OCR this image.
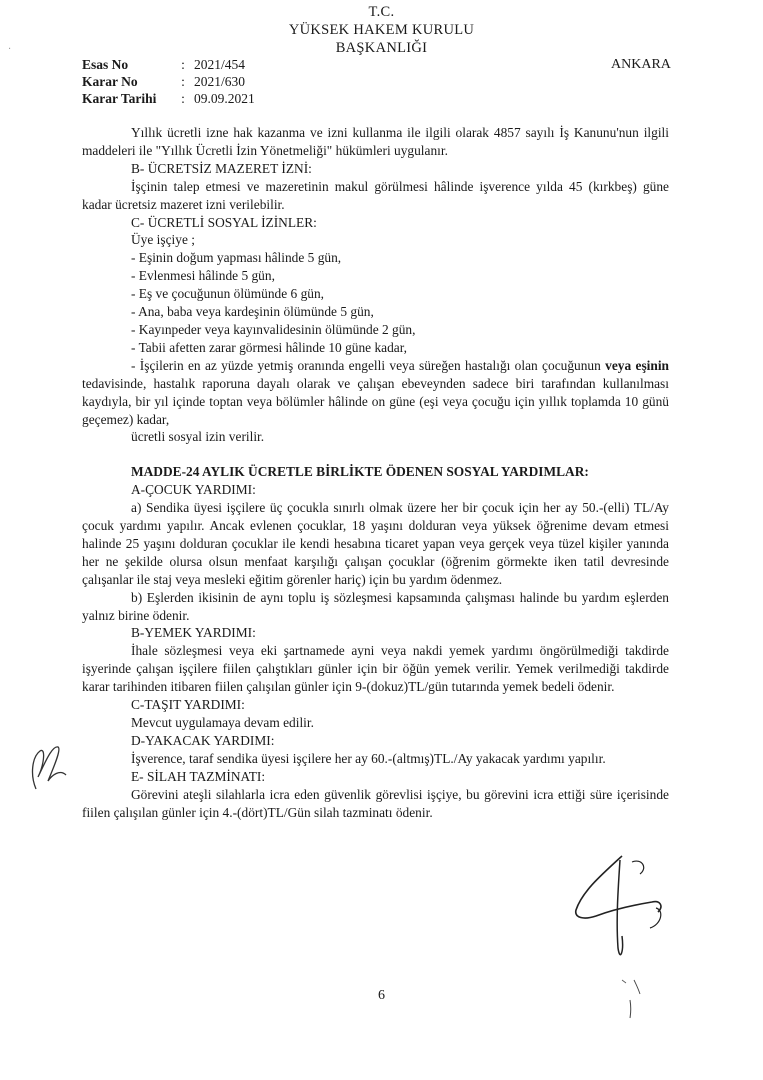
T.C.
YÜKSEK HAKEM KURULU
BAŞKANLIĞI
Esas No	: 2021/454
Karar No	: 2021/630
Karar Tarihi	: 09.09.2021
ANKARA

Yıllık ücretli izne hak kazanma ve izni kullanma ile ilgili olarak 4857 sayılı İş Kanunu'nun ilgili maddeleri ile "Yıllık Ücretli İzin Yönetmeliği" hükümleri uygulanır.

B- ÜCRETSİZ MAZERET İZNİ:

İşçinin talep etmesi ve mazeretinin makul görülmesi hâlinde işverence yılda 45 (kırkbeş) güne kadar ücretsiz mazeret izni verilebilir.

C- ÜCRETLİ SOSYAL İZİNLER:

Üye işçiye ;

- Eşinin doğum yapması hâlinde 5 gün,

- Evlenmesi hâlinde 5 gün,

- Eş ve çocuğunun ölümünde 6 gün,

- Ana, baba veya kardeşinin ölümünde 5 gün,

- Kayınpeder veya kayınvalidesinin ölümünde 2 gün,

- Tabii afetten zarar görmesi hâlinde 10 güne kadar,

- İşçilerin en az yüzde yetmiş oranında engelli veya süreğen hastalığı olan çocuğunun veya eşinin tedavisinde, hastalık raporuna dayalı olarak ve çalışan ebeveynden sadece biri tarafından kullanılması kaydıyla, bir yıl içinde toptan veya bölümler hâlinde on güne (eşi veya çocuğu için yıllık toplamda 10 günü geçemez) kadar,

ücretli sosyal izin verilir.

MADDE-24 AYLIK ÜCRETLE BİRLİKTE ÖDENEN SOSYAL YARDIMLAR:

A-ÇOCUK YARDIMI:

a) Sendika üyesi işçilere üç çocukla sınırlı olmak üzere her bir çocuk için her ay 50.-(elli) TL/Ay çocuk yardımı yapılır. Ancak evlenen çocuklar, 18 yaşını dolduran veya yüksek öğrenime devam etmesi halinde 25 yaşını dolduran çocuklar ile kendi hesabına ticaret yapan veya gerçek veya tüzel kişiler yanında her ne şekilde olursa olsun menfaat karşılığı çalışan çocuklar (öğrenim görmekte iken tatil devresinde çalışanlar ile staj veya mesleki eğitim görenler hariç) için bu yardım ödenmez.

b) Eşlerden ikisinin de aynı toplu iş sözleşmesi kapsamında çalışması halinde bu yardım eşlerden yalnız birine ödenir.

B-YEMEK YARDIMI:

İhale sözleşmesi veya eki şartnamede ayni veya nakdi yemek yardımı öngörülmediği takdirde işyerinde çalışan işçilere fiilen çalıştıkları günler için bir öğün yemek verilir. Yemek verilmediği takdirde karar tarihinden itibaren fiilen çalışılan günler için 9-(dokuz)TL/gün tutarında yemek bedeli ödenir.

C-TAŞIT YARDIMI:

Mevcut uygulamaya devam edilir.

D-YAKACAK YARDIMI:

İşverence, taraf sendika üyesi işçilere her ay 60.-(altmış)TL./Ay yakacak yardımı yapılır.

E- SİLAH TAZMİNATI:

Görevini ateşli silahlarla icra eden güvenlik görevlisi işçiye, bu görevini icra ettiği süre içerisinde fiilen çalışılan günler için 4.-(dört)TL/Gün silah tazminatı ödenir.

6
·
